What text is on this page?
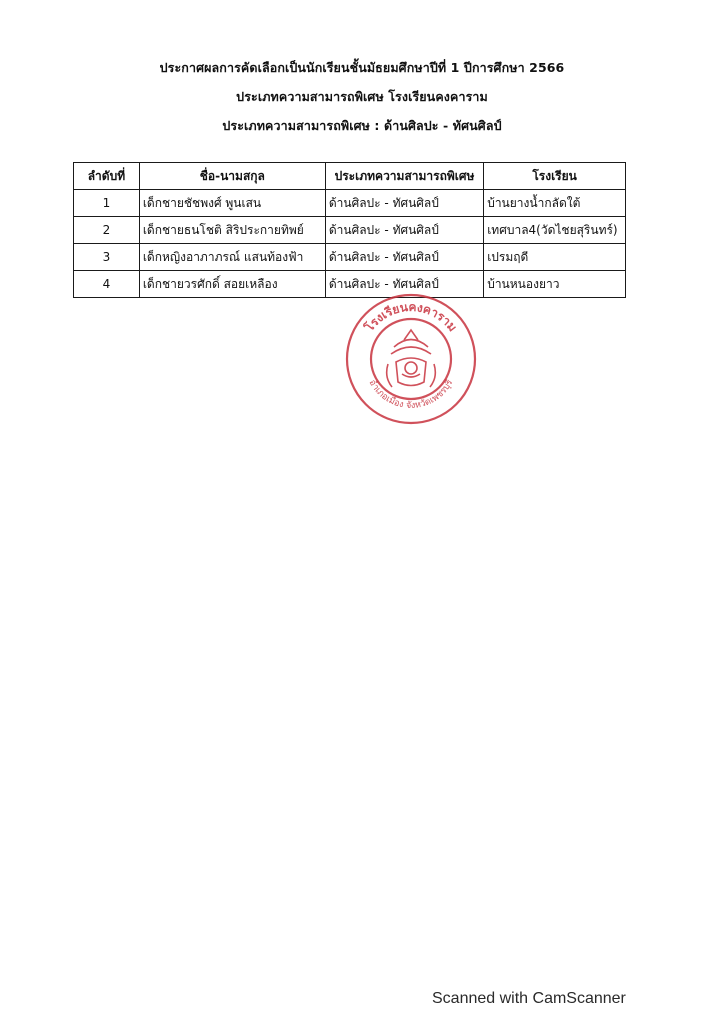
ประกาศผลการคัดเลือกเป็นนักเรียนชั้นมัธยมศึกษาปีที่ 1 ปีการศึกษา 2566
ประเภทความสามารถพิเศษ โรงเรียนคงคาราม
ประเภทความสามารถพิเศษ : ด้านศิลปะ - ทัศนศิลป์
ลำดับที่	ชื่อ-นามสกุล	ประเภทความสามารถพิเศษ	โรงเรียน
1	เด็กชายชัชพงศ์ พูนเสน	ด้านศิลปะ - ทัศนศิลป์	บ้านยางน้ำกลัดใต้
2	เด็กชายธนโชติ สิริประกายทิพย์	ด้านศิลปะ - ทัศนศิลป์	เทศบาล4(วัดไชยสุรินทร์)
3	เด็กหญิงอาภาภรณ์ แสนท้องฟ้า	ด้านศิลปะ - ทัศนศิลป์	เปรมฤดี
4	เด็กชายวรศักดิ์ สอยเหลือง	ด้านศิลปะ - ทัศนศิลป์	บ้านหนองยาว
โรงเรียนคงคาราม
อำเภอเมือง จังหวัดเพชรบุรี
Scanned with CamScanner
